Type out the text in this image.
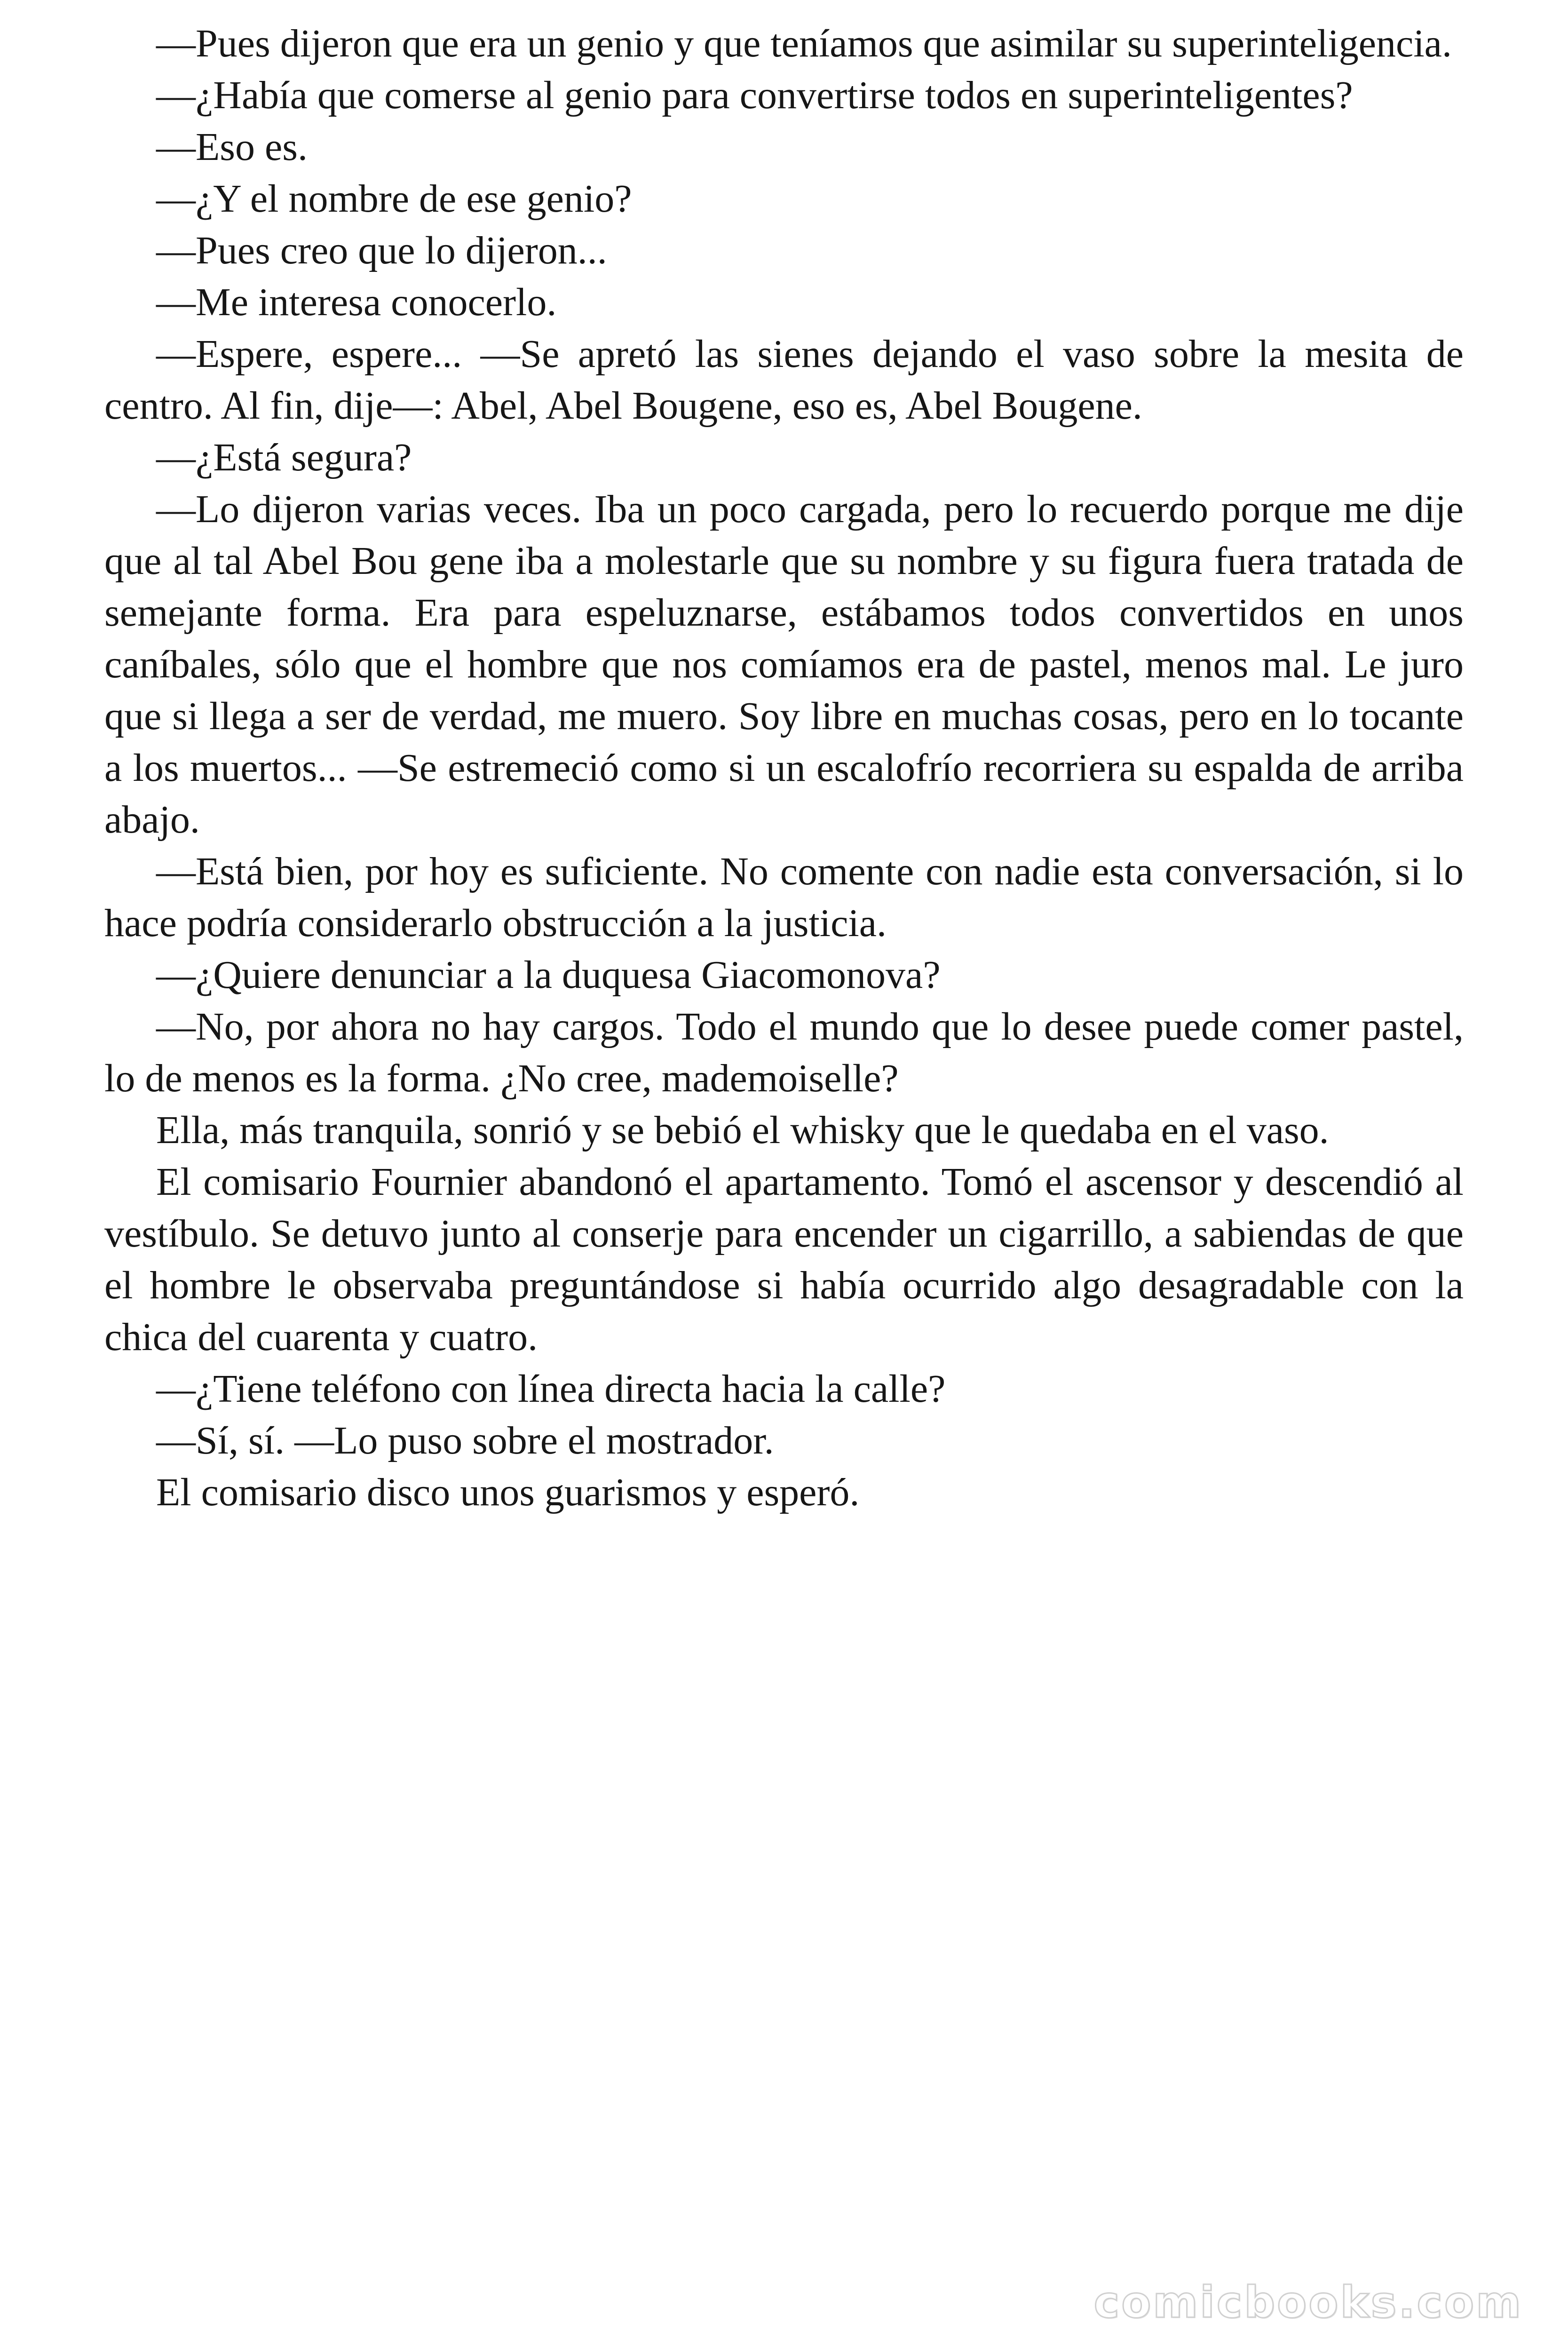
—Pues dijeron que era un genio y que teníamos que asimilar su superinteligencia.

—¿Había que comerse al genio para convertirse todos en superinteligentes?

—Eso es.

—¿Y el nombre de ese genio?

—Pues creo que lo dijeron...

—Me interesa conocerlo.

—Espere, espere... —Se apretó las sienes dejando el vaso sobre la mesita de centro. Al fin, dije—: Abel, Abel Bougene, eso es, Abel Bougene.

—¿Está segura?

—Lo dijeron varias veces. Iba un poco cargada, pero lo recuerdo porque me dije que al tal Abel Bou gene iba a molestarle que su nombre y su figura fuera tratada de semejante forma. Era para espeluznarse, estábamos todos convertidos en unos caníbales, sólo que el hombre que nos comíamos era de pastel, menos mal. Le juro que si llega a ser de verdad, me muero. Soy libre en muchas cosas, pero en lo tocante a los muertos... —Se estremeció como si un escalofrío recorriera su espalda de arriba abajo.

—Está bien, por hoy es suficiente. No comente con nadie esta conversación, si lo hace podría considerarlo obstrucción a la justicia.

—¿Quiere denunciar a la duquesa Giacomonova?

—No, por ahora no hay cargos. Todo el mundo que lo desee puede comer pastel, lo de menos es la forma. ¿No cree, mademoiselle?

Ella, más tranquila, sonrió y se bebió el whisky que le quedaba en el vaso.

El comisario Fournier abandonó el apartamento. Tomó el ascensor y descendió al vestíbulo. Se detuvo junto al conserje para encender un cigarrillo, a sabiendas de que el hombre le observaba preguntándose si había ocurrido algo desagradable con la chica del cuarenta y cuatro.

—¿Tiene teléfono con línea directa hacia la calle?

—Sí, sí. —Lo puso sobre el mostrador.

El comisario disco unos guarismos y esperó.

comicbooks.com
